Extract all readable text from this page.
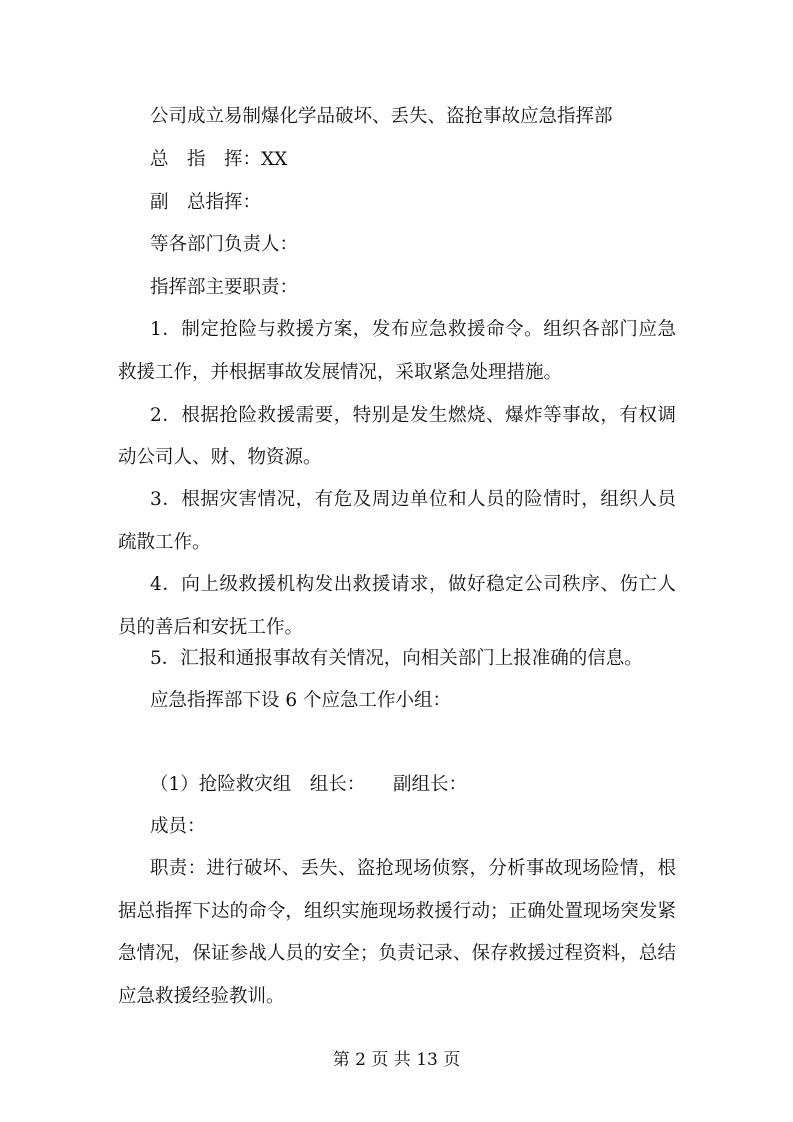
公司成立易制爆化学品破坏、丢失、盗抢事故应急指挥部
总　指　挥：XX
副　总指挥：
等各部门负责人：
指挥部主要职责：
1．制定抢险与救援方案，发布应急救援命令。组织各部门应急
救援工作，并根据事故发展情况，采取紧急处理措施。
2．根据抢险救援需要，特别是发生燃烧、爆炸等事故，有权调
动公司人、财、物资源。
3．根据灾害情况，有危及周边单位和人员的险情时，组织人员
疏散工作。
4．向上级救援机构发出救援请求，做好稳定公司秩序、伤亡人
员的善后和安抚工作。
5．汇报和通报事故有关情况，向相关部门上报准确的信息。
应急指挥部下设 6 个应急工作小组：
（1）抢险救灾组　组长：　　副组长：
成员：
职责：进行破坏、丢失、盗抢现场侦察，分析事故现场险情，根
据总指挥下达的命令，组织实施现场救援行动；正确处置现场突发紧
急情况，保证参战人员的安全；负责记录、保存救援过程资料，总结
应急救援经验教训。
第 2 页 共 13 页
